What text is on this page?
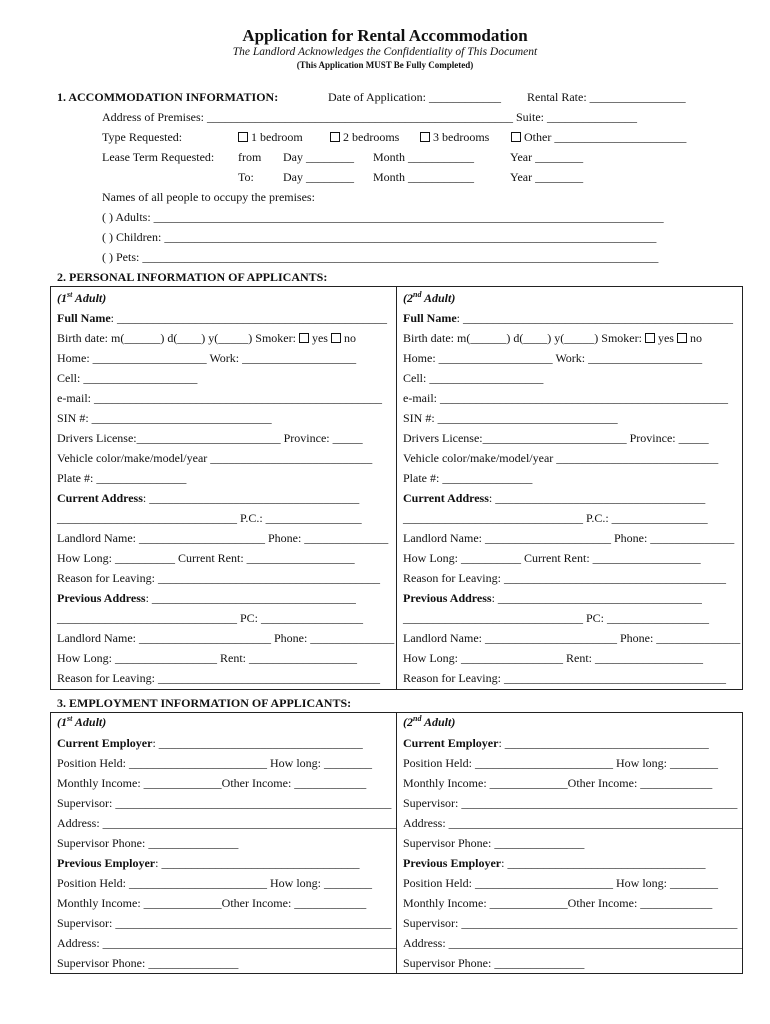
Application for Rental Accommodation
The Landlord Acknowledges the Confidentiality of This Document
(This Application MUST Be Fully Completed)
1. ACCOMMODATION INFORMATION:	Date of Application: ____________ Rental Rate: ________________
Address of Premises: ___________________________________________________ Suite: _______________
Type Requested:	1 bedroom	2 bedrooms	3 bedrooms	Other ______________________
Lease Term Requested: from Day ________ Month ___________	Year ________
To: Day ________ Month ___________	Year ________
Names of all people to occupy the premises:
( ) Adults: _____________________________________________________________________________________
( ) Children: __________________________________________________________________________________
( ) Pets: ______________________________________________________________________________________
2. PERSONAL INFORMATION OF APPLICANTS:
(1st Adult)
Full Name: _____________________________________________
Birth date: m(______) d(____) y(_____) Smoker: yes no
Home: ___________________ Work: ___________________
Cell: ___________________
e-mail: ________________________________________________
SIN #: ______________________________
Drivers License:________________________ Province: _____
Vehicle color/make/model/year ___________________________
Plate #: _______________
Current Address: ___________________________________
______________________________ P.C.: ________________
Landlord Name: _____________________ Phone: ______________
How Long: __________ Current Rent: __________________
Reason for Leaving: _____________________________________
Previous Address: __________________________________
______________________________ PC: _________________
Landlord Name: ______________________ Phone: ______________
How Long: _________________ Rent: __________________
Reason for Leaving: _____________________________________
(2nd Adult)
Full Name: _____________________________________________
Birth date: m(______) d(____) y(_____) Smoker: yes no
Home: ___________________ Work: ___________________
Cell: ___________________
e-mail: ________________________________________________
SIN #: ______________________________
Drivers License:________________________ Province: _____
Vehicle color/make/model/year ___________________________
Plate #: _______________
Current Address: ___________________________________
______________________________ P.C.: ________________
Landlord Name: _____________________ Phone: ______________
How Long: __________ Current Rent: __________________
Reason for Leaving: _____________________________________
Previous Address: __________________________________
______________________________ PC: _________________
Landlord Name: ______________________ Phone: ______________
How Long: _________________ Rent: __________________
Reason for Leaving: _____________________________________
3. EMPLOYMENT INFORMATION OF APPLICANTS:
(1st Adult)
Current Employer: __________________________________
Position Held: _______________________ How long: ________
Monthly Income: _____________Other Income: ____________
Supervisor: ______________________________________________
Address: _________________________________________________
Supervisor Phone: _______________
Previous Employer: _________________________________
Position Held: _______________________ How long: ________
Monthly Income: _____________Other Income: ____________
Supervisor: ______________________________________________
Address: _________________________________________________
Supervisor Phone: _______________
(2nd Adult)
Current Employer: __________________________________
Position Held: _______________________ How long: ________
Monthly Income: _____________Other Income: ____________
Supervisor: ______________________________________________
Address: _________________________________________________
Supervisor Phone: _______________
Previous Employer: _________________________________
Position Held: _______________________ How long: ________
Monthly Income: _____________Other Income: ____________
Supervisor: ______________________________________________
Address: _________________________________________________
Supervisor Phone: _______________
